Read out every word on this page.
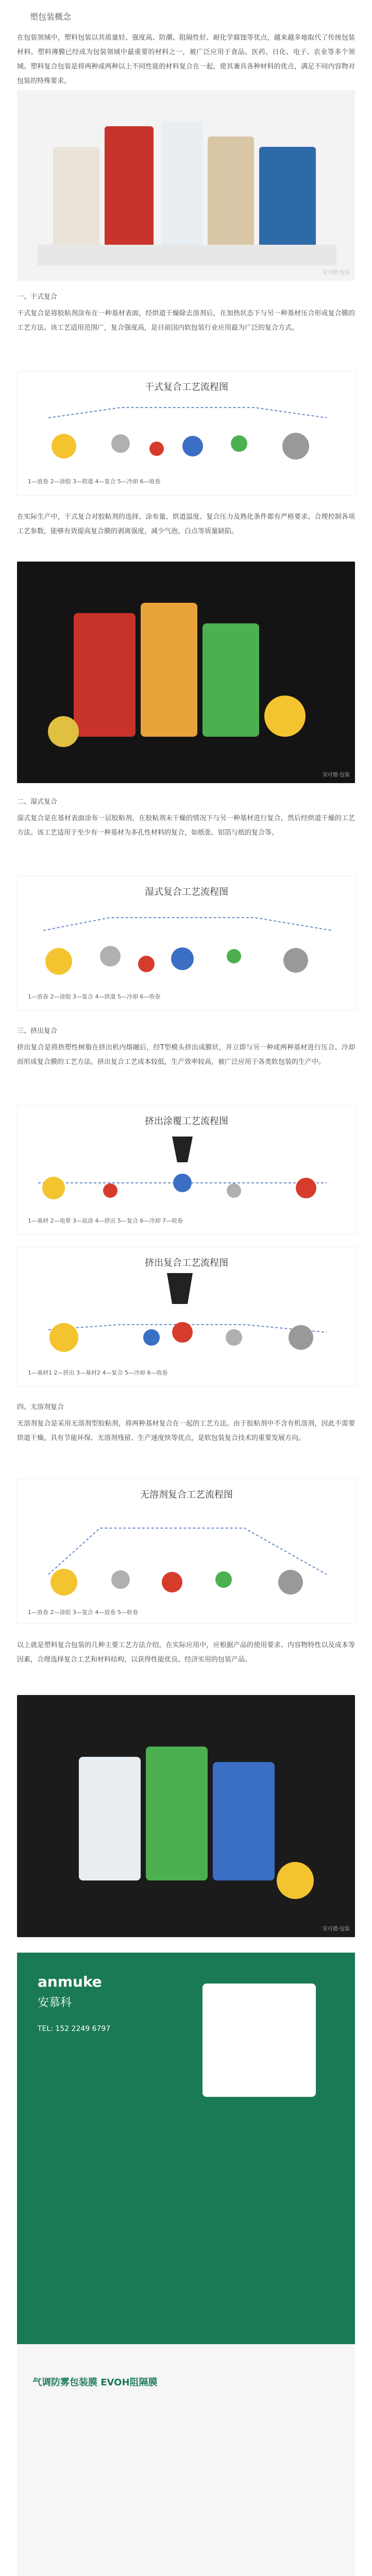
塑包装概念
在包装领域中，塑料包装以其质量轻、强度高、防潮、阻隔性好、耐化学腐蚀等优点，越来越多地取代了传统包装材料。塑料薄膜已经成为包装领域中最重要的材料之一，被广泛应用于食品、医药、日化、电子、农业等多个领域。塑料复合包装是将两种或两种以上不同性能的材料复合在一起，使其兼具各种材料的优点，满足不同内容物对包装的特殊要求。
安可德·包装
一、干式复合
干式复合是将胶粘剂涂布在一种基材表面，经烘道干燥除去溶剂后，在加热状态下与另一种基材压合形成复合膜的工艺方法。该工艺适用范围广，复合强度高，是目前国内软包装行业应用最为广泛的复合方式。
干式复合工艺流程图
1—放卷 2—涂胶 3—烘道 4—复合 5—冷却 6—收卷
在实际生产中，干式复合对胶粘剂的选择、涂布量、烘道温度、复合压力及熟化条件都有严格要求。合理控制各项工艺参数，能够有效提高复合膜的剥离强度，减少气泡、白点等质量缺陷。
安可德·包装
二、湿式复合
湿式复合是在基材表面涂布一层胶粘剂，在胶粘剂未干燥的情况下与另一种基材进行复合，然后经烘道干燥的工艺方法。该工艺适用于至少有一种基材为多孔性材料的复合，如纸张、铝箔与纸的复合等。
湿式复合工艺流程图
1—放卷 2—涂胶 3—复合 4—烘道 5—冷却 6—收卷
三、挤出复合
挤出复合是将热塑性树脂在挤出机内熔融后，经T型模头挤出成膜状，并立即与另一种或两种基材进行压合、冷却而形成复合膜的工艺方法。挤出复合工艺成本较低，生产效率较高，被广泛应用于各类软包装的生产中。
挤出涂覆工艺流程图
1—基材 2—电晕 3—底涂 4—挤出 5—复合 6—冷却 7—收卷
挤出复合工艺流程图
1—基材1 2—挤出 3—基材2 4—复合 5—冷却 6—收卷
四、无溶剂复合
无溶剂复合是采用无溶剂型胶粘剂，将两种基材复合在一起的工艺方法。由于胶粘剂中不含有机溶剂，因此不需要烘道干燥，具有节能环保、无溶剂残留、生产速度快等优点，是软包装复合技术的重要发展方向。
无溶剂复合工艺流程图
1—放卷 2—涂胶 3—复合 4—放卷 5—收卷
以上就是塑料复合包装的几种主要工艺方法介绍。在实际应用中，应根据产品的使用要求、内容物特性以及成本等因素，合理选择复合工艺和材料结构，以获得性能优良、经济实用的包装产品。
安可德·包装
anmuke
安慕科
TEL: 152 2249 6797
气调防雾包装膜 EVOH阻隔膜
